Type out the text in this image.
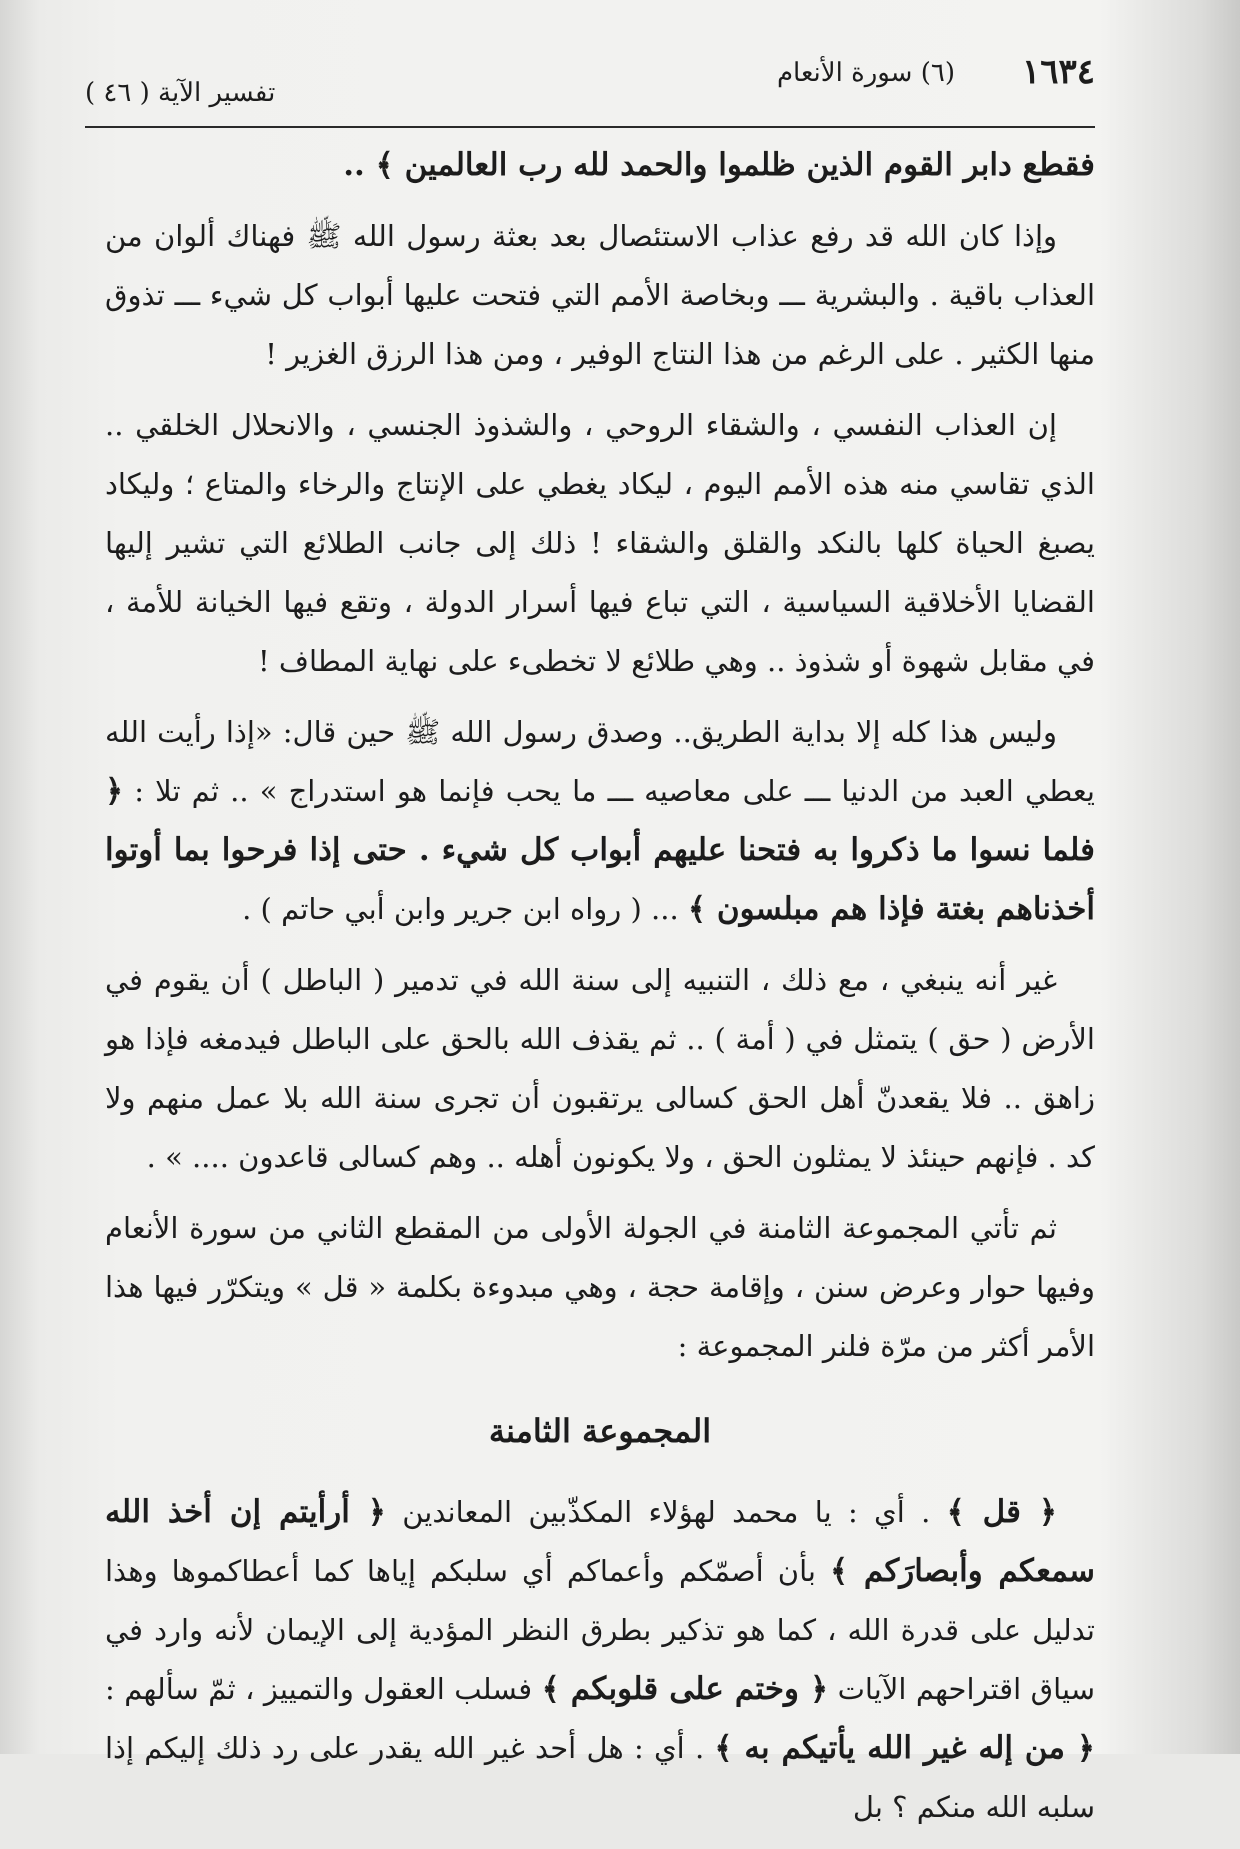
١٦٣٤
(٦) سورة الأنعام
تفسير الآية ( ٤٦ )

فقطع دابر القوم الذين ظلموا والحمد لله رب العالمين ﴾ ..

وإذا كان الله قد رفع عذاب الاستئصال بعد بعثة رسول الله ﷺ فهناك ألوان من العذاب باقية . والبشرية ـــ وبخاصة الأمم التي فتحت عليها أبواب كل شيء ـــ تذوق منها الكثير . على الرغم من هذا النتاج الوفير ، ومن هذا الرزق الغزير !

إن العذاب النفسي ، والشقاء الروحي ، والشذوذ الجنسي ، والانحلال الخلقي .. الذي تقاسي منه هذه الأمم اليوم ، ليكاد يغطي على الإنتاج والرخاء والمتاع ؛ وليكاد يصبغ الحياة كلها بالنكد والقلق والشقاء ! ذلك إلى جانب الطلائع التي تشير إليها القضايا الأخلاقية السياسية ، التي تباع فيها أسرار الدولة ، وتقع فيها الخيانة للأمة ، في مقابل شهوة أو شذوذ .. وهي طلائع لا تخطىء على نهاية المطاف !

وليس هذا كله إلا بداية الطريق.. وصدق رسول الله ﷺ حين قال: «إذا رأيت الله يعطي العبد من الدنيا ـــ على معاصيه ـــ ما يحب فإنما هو استدراج » .. ثم تلا : ﴿ فلما نسوا ما ذكروا به فتحنا عليهم أبواب كل شيء . حتى إذا فرحوا بما أوتوا أخذناهم بغتة فإذا هم مبلسون ﴾ ... ( رواه ابن جرير وابن أبي حاتم ) .

غير أنه ينبغي ، مع ذلك ، التنبيه إلى سنة الله في تدمير ( الباطل ) أن يقوم في الأرض ( حق ) يتمثل في ( أمة ) .. ثم يقذف الله بالحق على الباطل فيدمغه فإذا هو زاهق .. فلا يقعدنّ أهل الحق كسالى يرتقبون أن تجرى سنة الله بلا عمل منهم ولا كد . فإنهم حينئذ لا يمثلون الحق ، ولا يكونون أهله .. وهم كسالى قاعدون .... » .

ثم تأتي المجموعة الثامنة في الجولة الأولى من المقطع الثاني من سورة الأنعام وفيها حوار وعرض سنن ، وإقامة حجة ، وهي مبدوءة بكلمة « قل » ويتكرّر فيها هذا الأمر أكثر من مرّة فلنر المجموعة :

المجموعة الثامنة

﴿ قل ﴾ . أي : يا محمد لهؤلاء المكذّبين المعاندين ﴿ أرأيتم إن أخذ الله سمعكم وأبصارَكم ﴾ بأن أصمّكم وأعماكم أي سلبكم إياها كما أعطاكموها وهذا تدليل على قدرة الله ، كما هو تذكير بطرق النظر المؤدية إلى الإيمان لأنه وارد في سياق اقتراحهم الآيات ﴿ وختم على قلوبكم ﴾ فسلب العقول والتمييز ، ثمّ سألهم : ﴿ من إله غير الله يأتيكم به ﴾ . أي : هل أحد غير الله يقدر على رد ذلك إليكم إذا سلبه الله منكم ؟ بل
